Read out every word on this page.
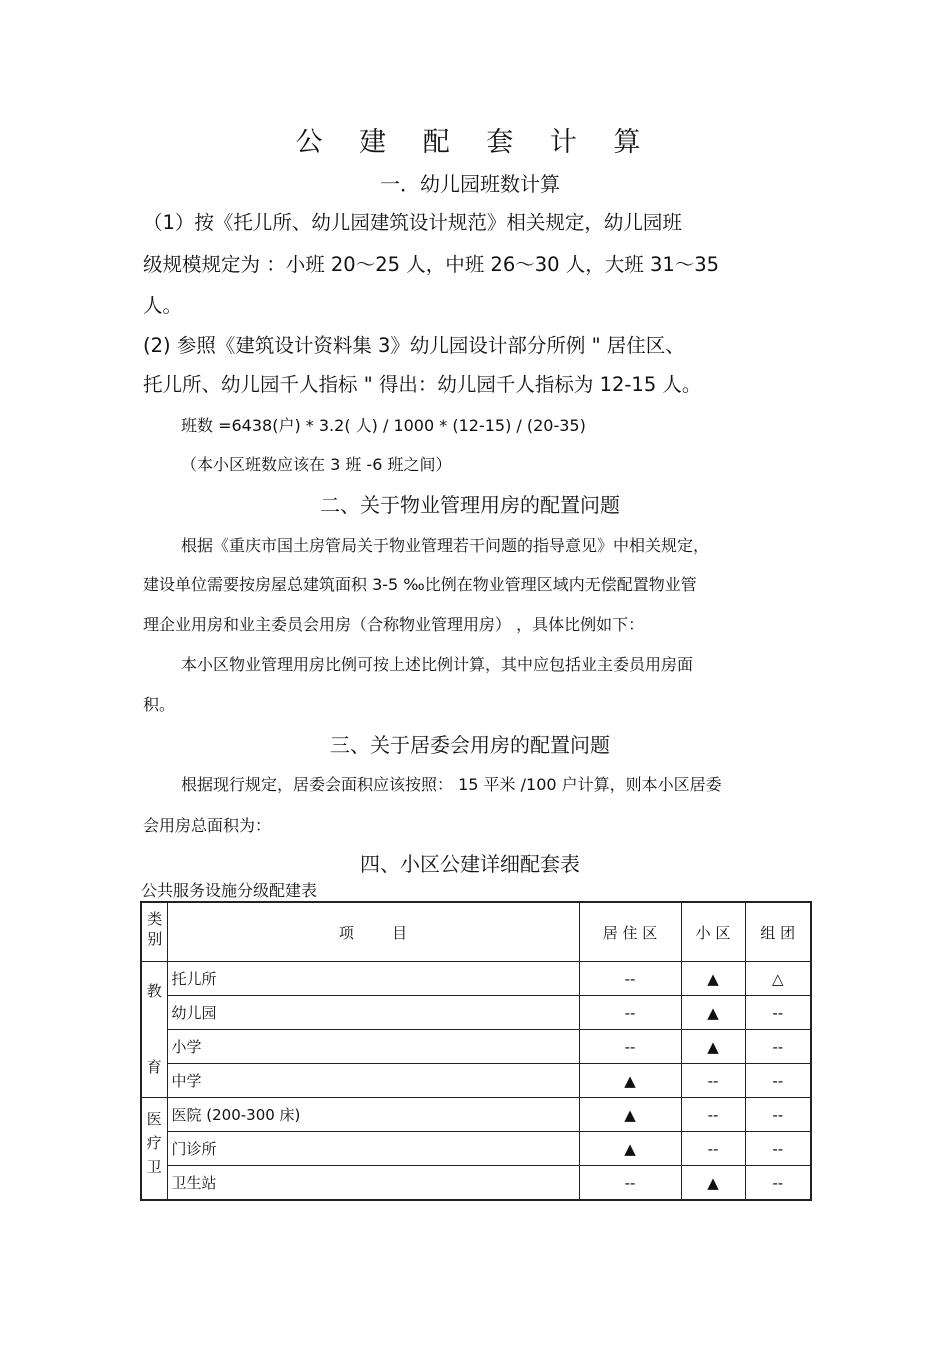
公 建 配 套 计 算
一．幼儿园班数计算
（1）按《托儿所、幼儿园建筑设计规范》相关规定，幼儿园班
级规模规定为 ：小班 20～25 人，中班 26～30 人，大班 31～35
人。
(2) 参照《建筑设计资料集 3》幼儿园设计部分所例 " 居住区、
托儿所、幼儿园千人指标 " 得出：幼儿园千人指标为 12-15 人。
班数 =6438(户) * 3.2( 人) / 1000 * (12-15) / (20-35)
（本小区班数应该在 3 班 -6 班之间）
二、关于物业管理用房的配置问题
根据《重庆市国土房管局关于物业管理若干问题的指导意见》中相关规定，
建设单位需要按房屋总建筑面积 3-5 ‰比例在物业管理区域内无偿配置物业管
理企业用房和业主委员会用房（合称物业管理用房） ，具体比例如下：
本小区物业管理用房比例可按上述比例计算，其中应包括业主委员用房面
积。
三、关于居委会用房的配置问题
根据现行规定，居委会面积应该按照： 15 平米 /100 户计算，则本小区居委
会用房总面积为：
四、小区公建详细配套表
公共服务设施分级配建表
类别	项        目	居 住 区	小 区	组 团

教
育	托儿所	--	▲	△
	幼儿园	--	▲	--
	小学	--	▲	--
	中学	▲	--	--

医
疗
卫	医院 (200-300 床)	▲	--	--
	门诊所	▲	--	--
	卫生站	--	▲	--
